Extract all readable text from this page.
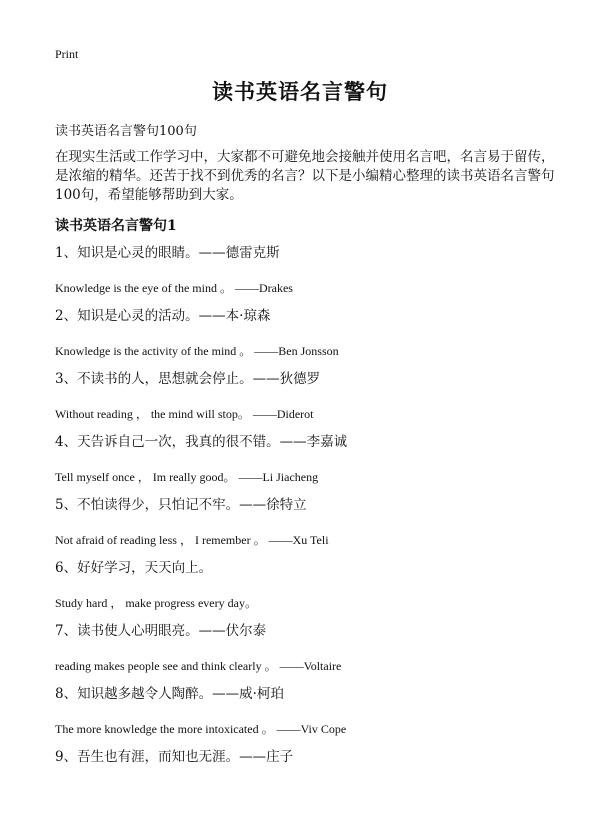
Print
读书英语名言警句
读书英语名言警句100句
在现实生活或工作学习中，大家都不可避免地会接触并使用名言吧，名言易于留传，是浓缩的精华。还苦于找不到优秀的名言？以下是小编精心整理的读书英语名言警句100句，希望能够帮助到大家。
读书英语名言警句1
1、知识是心灵的眼睛。——德雷克斯
Knowledge is the eye of the mind 。 ——Drakes
2、知识是心灵的活动。——本·琼森
Knowledge is the activity of the mind 。 ——Ben Jonsson
3、不读书的人，思想就会停止。——狄德罗
Without reading ， the mind will stop。 ——Diderot
4、天告诉自己一次，我真的很不错。——李嘉诚
Tell myself once ， Im really good。 ——Li Jiacheng
5、不怕读得少，只怕记不牢。——徐特立
Not afraid of reading less ， I remember 。 ——Xu Teli
6、好好学习，天天向上。
Study hard ， make progress every day。
7、读书使人心明眼亮。——伏尔泰
reading makes people see and think clearly 。 ——Voltaire
8、知识越多越令人陶醉。——威·柯珀
The more knowledge the more intoxicated 。 ——Viv Cope
9、吾生也有涯，而知也无涯。——庄子
